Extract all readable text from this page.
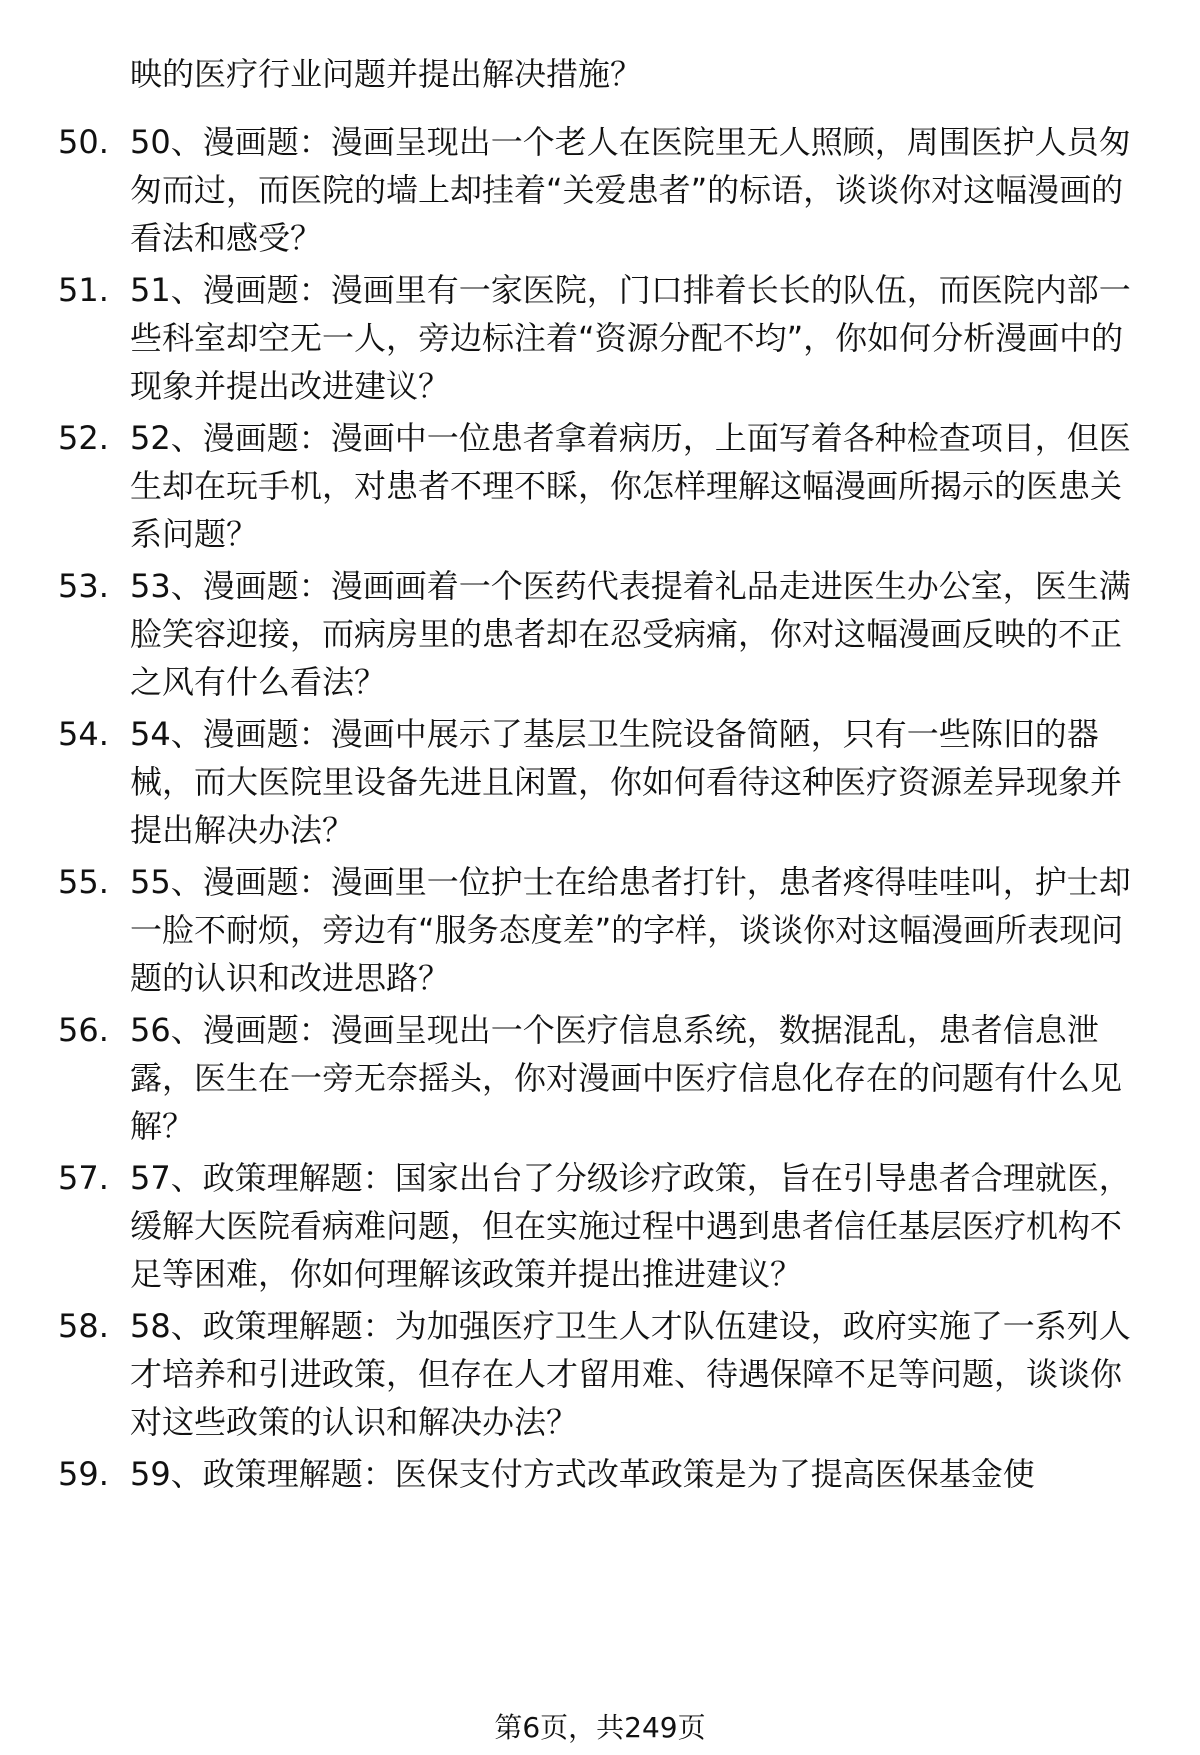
映的医疗行业问题并提出解决措施？
50. 50、漫画题：漫画呈现出一个老人在医院里无人照顾，周围医护人员匆匆而过，而医院的墙上却挂着“关爱患者”的标语，谈谈你对这幅漫画的看法和感受？
51. 51、漫画题：漫画里有一家医院，门口排着长长的队伍，而医院内部一些科室却空无一人，旁边标注着“资源分配不均”，你如何分析漫画中的现象并提出改进建议？
52. 52、漫画题：漫画中一位患者拿着病历，上面写着各种检查项目，但医生却在玩手机，对患者不理不睬，你怎样理解这幅漫画所揭示的医患关系问题？
53. 53、漫画题：漫画画着一个医药代表提着礼品走进医生办公室，医生满脸笑容迎接，而病房里的患者却在忍受病痛，你对这幅漫画反映的不正之风有什么看法？
54. 54、漫画题：漫画中展示了基层卫生院设备简陋，只有一些陈旧的器械，而大医院里设备先进且闲置，你如何看待这种医疗资源差异现象并提出解决办法？
55. 55、漫画题：漫画里一位护士在给患者打针，患者疼得哇哇叫，护士却一脸不耐烦，旁边有“服务态度差”的字样，谈谈你对这幅漫画所表现问题的认识和改进思路？
56. 56、漫画题：漫画呈现出一个医疗信息系统，数据混乱，患者信息泄露，医生在一旁无奈摇头，你对漫画中医疗信息化存在的问题有什么见解？
57. 57、政策理解题：国家出台了分级诊疗政策，旨在引导患者合理就医，缓解大医院看病难问题，但在实施过程中遇到患者信任基层医疗机构不足等困难，你如何理解该政策并提出推进建议？
58. 58、政策理解题：为加强医疗卫生人才队伍建设，政府实施了一系列人才培养和引进政策，但存在人才留用难、待遇保障不足等问题，谈谈你对这些政策的认识和解决办法？
59. 59、政策理解题：医保支付方式改革政策是为了提高医保基金使
第6页，共249页
